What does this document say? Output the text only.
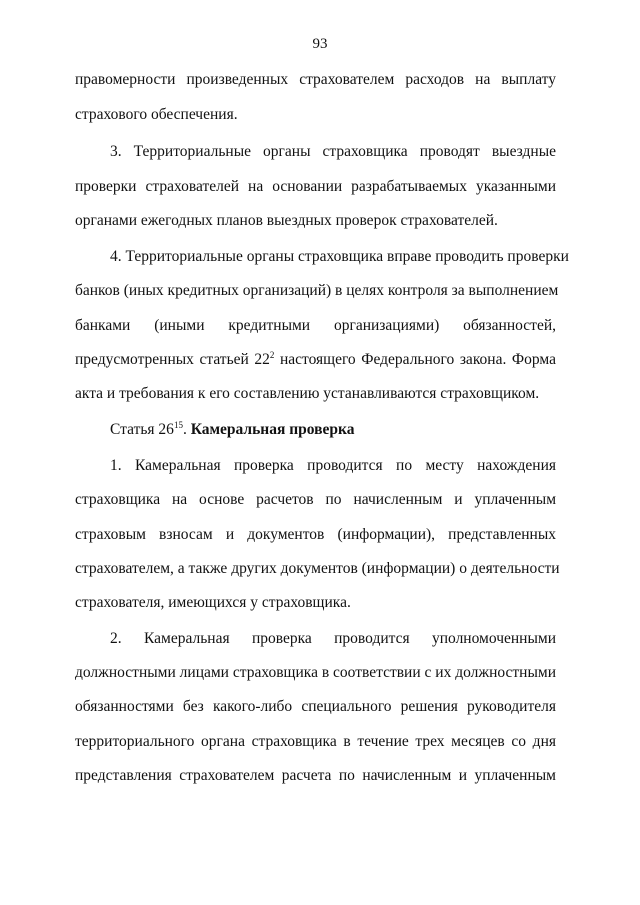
93
правомерности произведенных страхователем расходов на выплату
страхового обеспечения.
3. Территориальные органы страховщика проводят выездные
проверки страхователей на основании разрабатываемых указанными
органами ежегодных планов выездных проверок страхователей.
4. Территориальные органы страховщика вправе проводить проверки
банков (иных кредитных организаций) в целях контроля за выполнением
банками (иными кредитными организациями) обязанностей,
предусмотренных статьей $22^2$ настоящего Федерального закона. Форма
акта и требования к его составлению устанавливаются страховщиком.
Статья $26^{15}$. Камеральная проверка
1. Камеральная проверка проводится по месту нахождения
страховщика на основе расчетов по начисленным и уплаченным
страховым взносам и документов (информации), представленных
страхователем, а также других документов (информации) о деятельности
страхователя, имеющихся у страховщика.
2. Камеральная проверка проводится уполномоченными
должностными лицами страховщика в соответствии с их должностными
обязанностями без какого-либо специального решения руководителя
территориального органа страховщика в течение трех месяцев со дня
представления страхователем расчета по начисленным и уплаченным
